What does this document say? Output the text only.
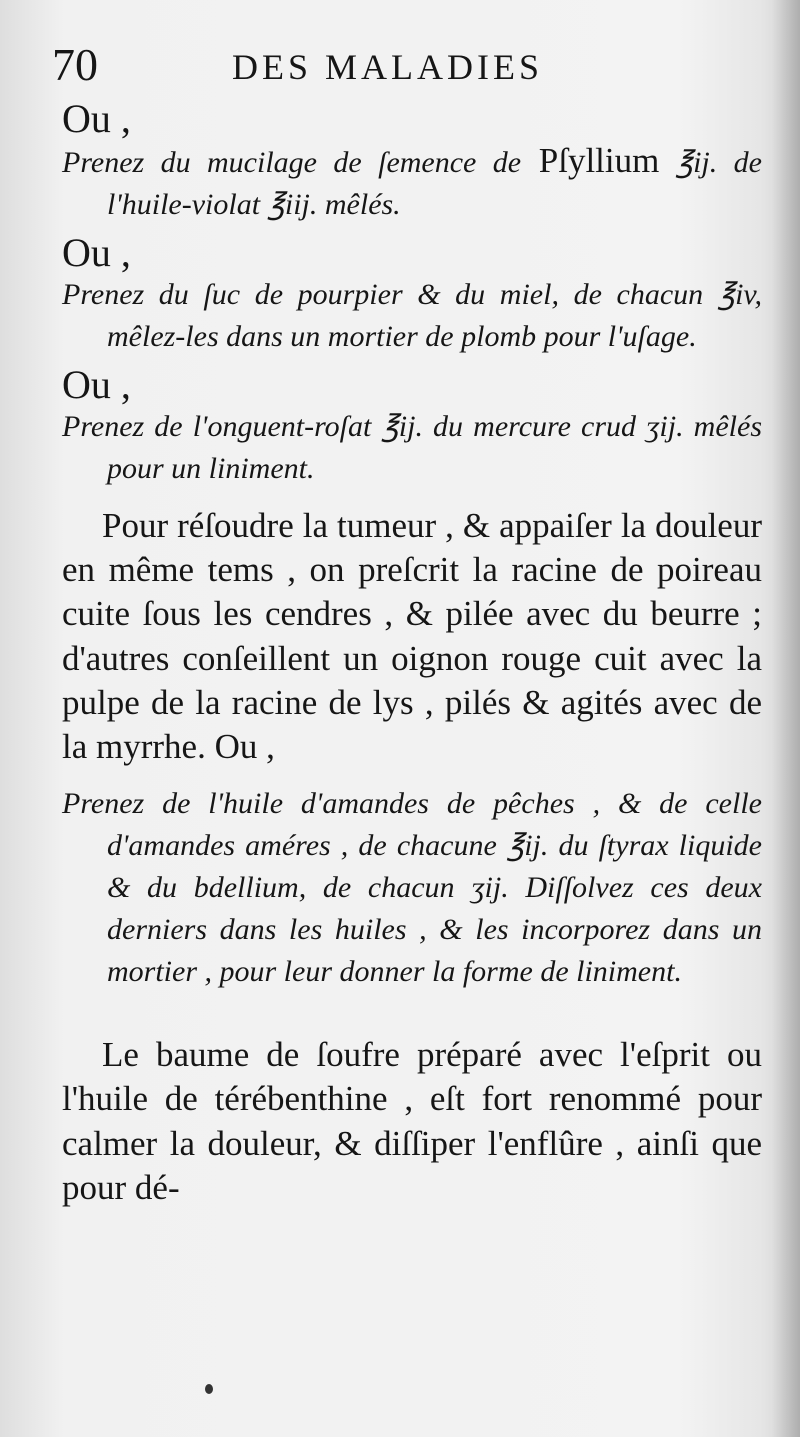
70	DES MALADIES

Ou ,

Prenez du mucilage de ſemence de Pſyllium ℥ij. de l'huile-violat ℥iij. mêlés.

Ou ,

Prenez du ſuc de pourpier & du miel, de chacun ℥iv, mêlez-les dans un mortier de plomb pour l'uſage.

Ou ,

Prenez de l'onguent-roſat ℥ij. du mercure crud ʒij. mêlés pour un liniment.

Pour réſoudre la tumeur , & appaiſer la douleur en même tems , on preſcrit la racine de poireau cuite ſous les cendres , & pilée avec du beurre ; d'autres conſeillent un oignon rouge cuit avec la pulpe de la racine de lys , pilés & agités avec de la myrrhe. Ou ,

Prenez de l'huile d'amandes de pêches , & de celle d'amandes améres , de chacune ℥ij. du ſtyrax liquide & du bdellium, de chacun ʒij. Diſſolvez ces deux derniers dans les huiles , & les incorporez dans un mortier , pour leur donner la forme de liniment.

Le baume de ſoufre préparé avec l'eſprit ou l'huile de térébenthine , eſt fort renommé pour calmer la douleur, & diſſiper l'enflûre , ainſi que pour dé-
